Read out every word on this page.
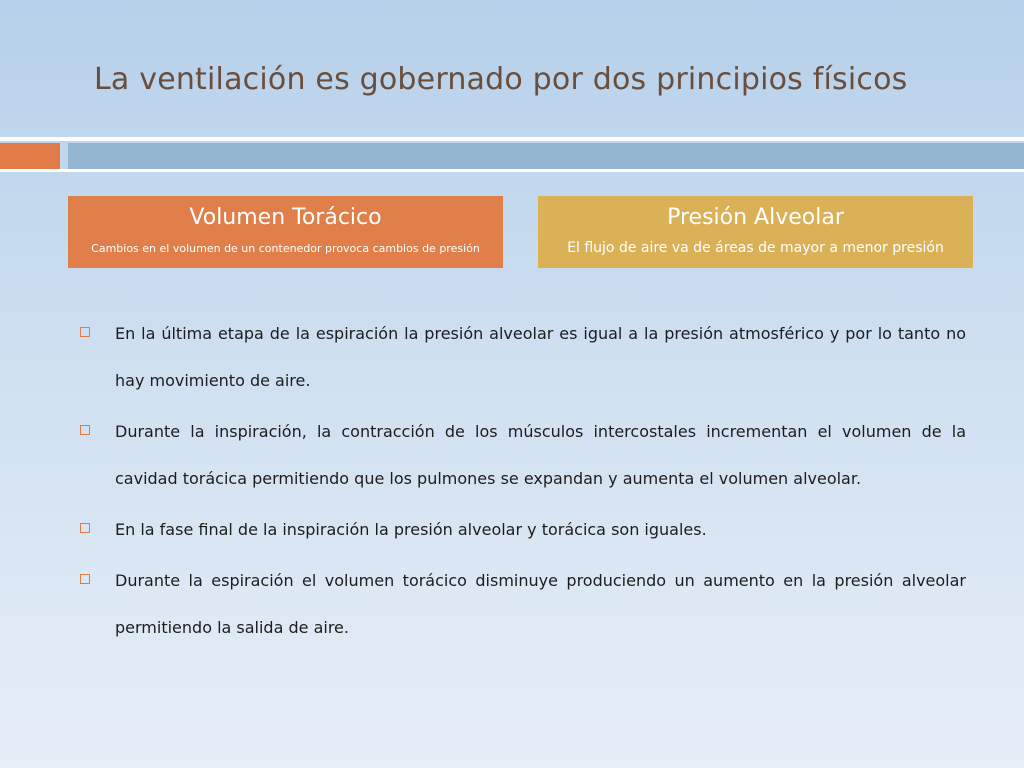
La ventilación es gobernado por dos principios físicos
Volumen Torácico
Cambios en el volumen de un contenedor provoca cambios de presión
Presión Alveolar
El flujo de aire va de áreas de mayor a menor presión
En la última etapa de la espiración la presión alveolar es igual a la presión atmosférico y por lo tanto no hay movimiento de aire.
Durante la inspiración, la contracción de los músculos intercostales incrementan el volumen de la cavidad torácica permitiendo que los pulmones se expandan y aumenta el volumen alveolar.
En la fase final de la inspiración la presión alveolar y torácica son iguales.
Durante la espiración el volumen torácico disminuye produciendo un aumento en la presión alveolar permitiendo la salida de aire.
